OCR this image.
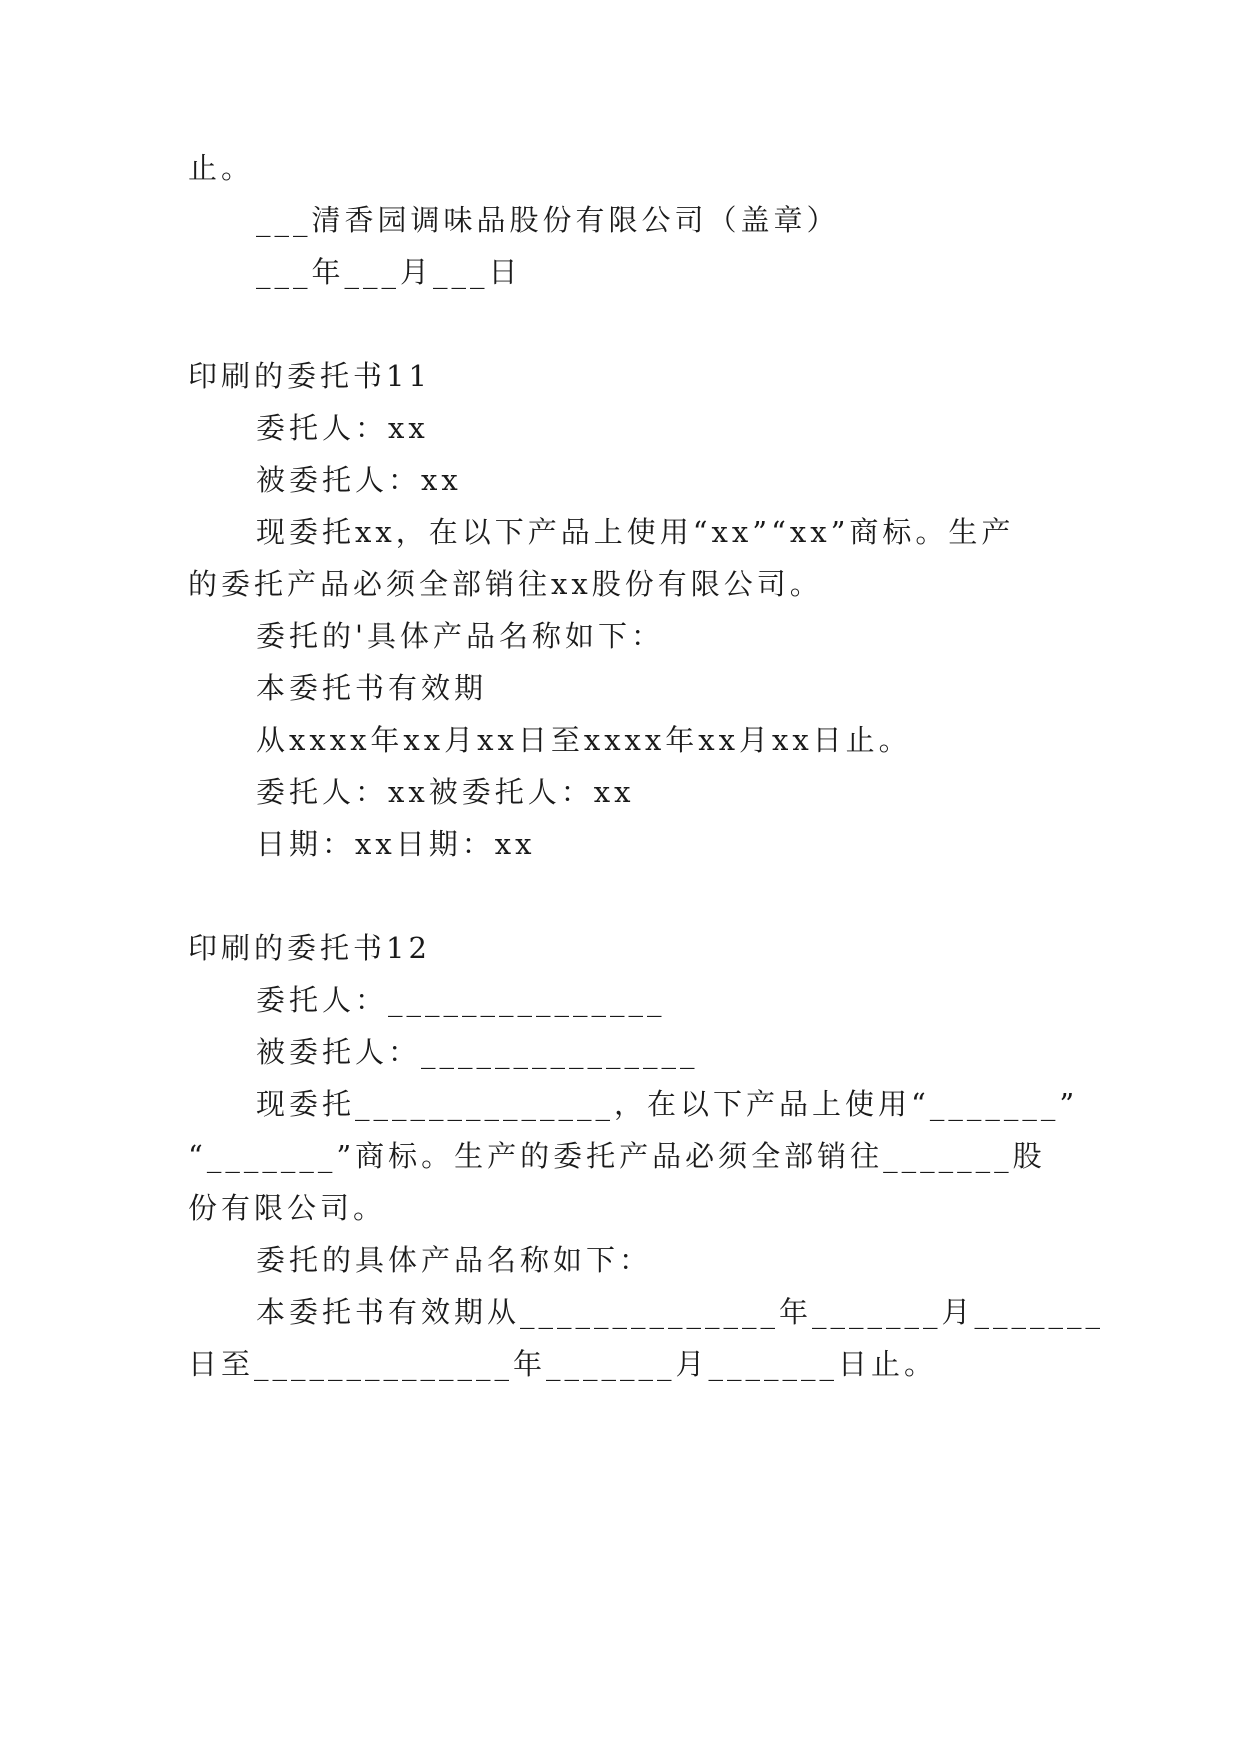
止。
___清香园调味品股份有限公司（盖章）
___年___月___日
印刷的委托书11
委托人：xx
被委托人：xx
现委托xx，在以下产品上使用“xx”“xx”商标。生产
的委托产品必须全部销往xx股份有限公司。
委托的'具体产品名称如下：
本委托书有效期
从xxxx年xx月xx日至xxxx年xx月xx日止。
委托人：xx被委托人：xx
日期：xx日期：xx
印刷的委托书12
委托人：_______________
被委托人：_______________
现委托______________，在以下产品上使用“_______”
“_______”商标。生产的委托产品必须全部销往_______股
份有限公司。
委托的具体产品名称如下：
本委托书有效期从______________年_______月_______
日至______________年_______月_______日止。
